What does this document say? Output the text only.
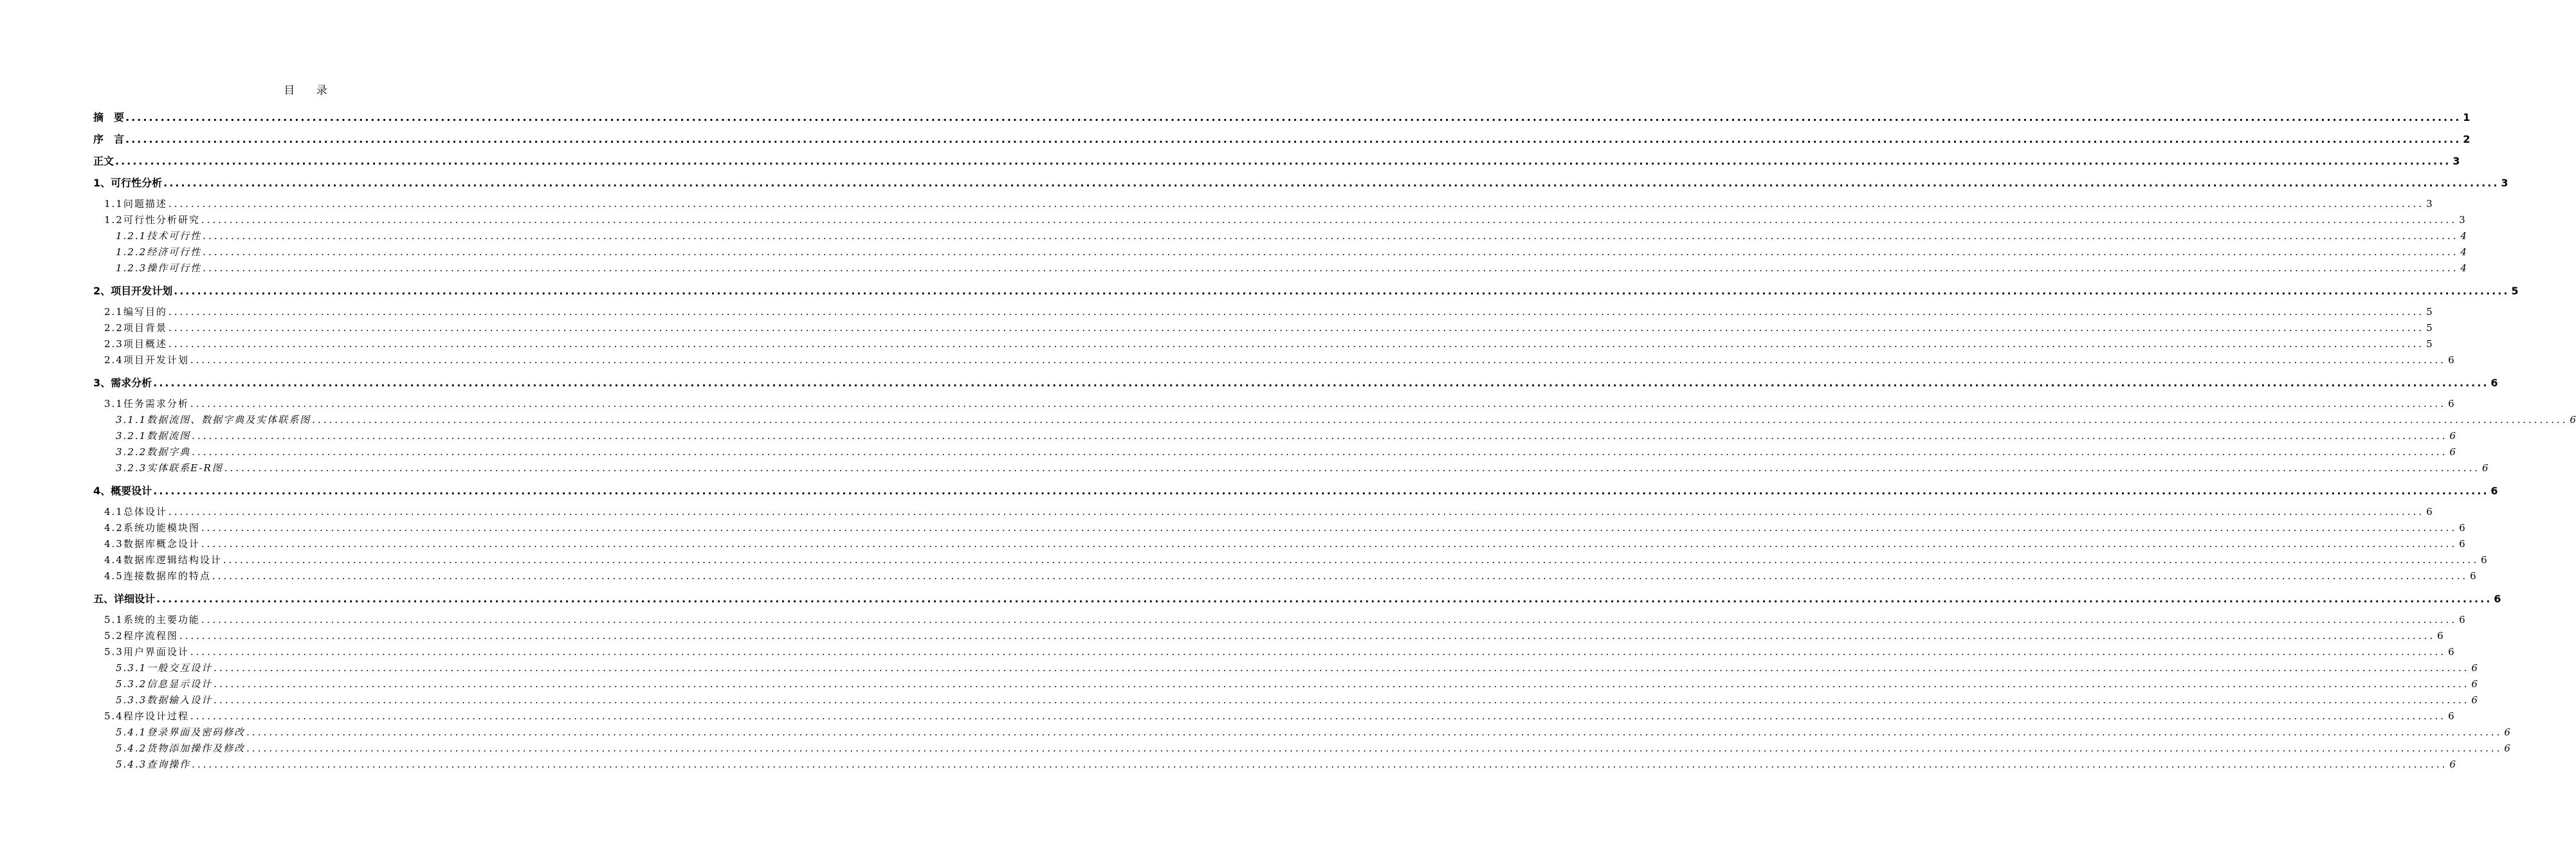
目 录
摘　要 ................................................................................................................................................................................................................................................................................................................................................................................................................ 1
序　言 ................................................................................................................................................................................................................................................................................................................................................................................................................ 2
正文 ................................................................................................................................................................................................................................................................................................................................................................................................................ 3
1、可行性分析 ................................................................................................................................................................................................................................................................................................................................................................................................................ 3
1.1问题描述 ................................................................................................................................................................................................................................................................................................................................................................................................................ 3
1.2可行性分析研究 ................................................................................................................................................................................................................................................................................................................................................................................................................ 3
1.2.1技术可行性 ................................................................................................................................................................................................................................................................................................................................................................................................................ 4
1.2.2经济可行性 ................................................................................................................................................................................................................................................................................................................................................................................................................ 4
1.2.3操作可行性 ................................................................................................................................................................................................................................................................................................................................................................................................................ 4
2、项目开发计划 ................................................................................................................................................................................................................................................................................................................................................................................................................ 5
2.1编写目的 ................................................................................................................................................................................................................................................................................................................................................................................................................ 5
2.2项目背景 ................................................................................................................................................................................................................................................................................................................................................................................................................ 5
2.3项目概述 ................................................................................................................................................................................................................................................................................................................................................................................................................ 5
2.4项目开发计划 ................................................................................................................................................................................................................................................................................................................................................................................................................ 6
3、需求分析 ................................................................................................................................................................................................................................................................................................................................................................................................................ 6
3.1任务需求分析 ................................................................................................................................................................................................................................................................................................................................................................................................................ 6
3.1.1数据流图、数据字典及实体联系图 ................................................................................................................................................................................................................................................................................................................................................................................................................ 6
3.2.1数据流图 ................................................................................................................................................................................................................................................................................................................................................................................................................ 6
3.2.2数据字典 ................................................................................................................................................................................................................................................................................................................................................................................................................ 6
3.2.3实体联系E-R图 ................................................................................................................................................................................................................................................................................................................................................................................................................ 6
4、概要设计 ................................................................................................................................................................................................................................................................................................................................................................................................................ 6
4.1总体设计 ................................................................................................................................................................................................................................................................................................................................................................................................................ 6
4.2系统功能模块图 ................................................................................................................................................................................................................................................................................................................................................................................................................ 6
4.3数据库概念设计 ................................................................................................................................................................................................................................................................................................................................................................................................................ 6
4.4数据库逻辑结构设计 ................................................................................................................................................................................................................................................................................................................................................................................................................ 6
4.5连接数据库的特点 ................................................................................................................................................................................................................................................................................................................................................................................................................ 6
五、详细设计 ................................................................................................................................................................................................................................................................................................................................................................................................................ 6
5.1系统的主要功能 ................................................................................................................................................................................................................................................................................................................................................................................................................ 6
5.2程序流程图 ................................................................................................................................................................................................................................................................................................................................................................................................................ 6
5.3用户界面设计 ................................................................................................................................................................................................................................................................................................................................................................................................................ 6
5.3.1一般交互设计 ................................................................................................................................................................................................................................................................................................................................................................................................................ 6
5.3.2信息显示设计 ................................................................................................................................................................................................................................................................................................................................................................................................................ 6
5.3.3数据输入设计 ................................................................................................................................................................................................................................................................................................................................................................................................................ 6
5.4程序设计过程 ................................................................................................................................................................................................................................................................................................................................................................................................................ 6
5.4.1登录界面及密码修改 ................................................................................................................................................................................................................................................................................................................................................................................................................ 6
5.4.2货物添加操作及修改 ................................................................................................................................................................................................................................................................................................................................................................................................................ 6
5.4.3查询操作 ................................................................................................................................................................................................................................................................................................................................................................................................................ 6
